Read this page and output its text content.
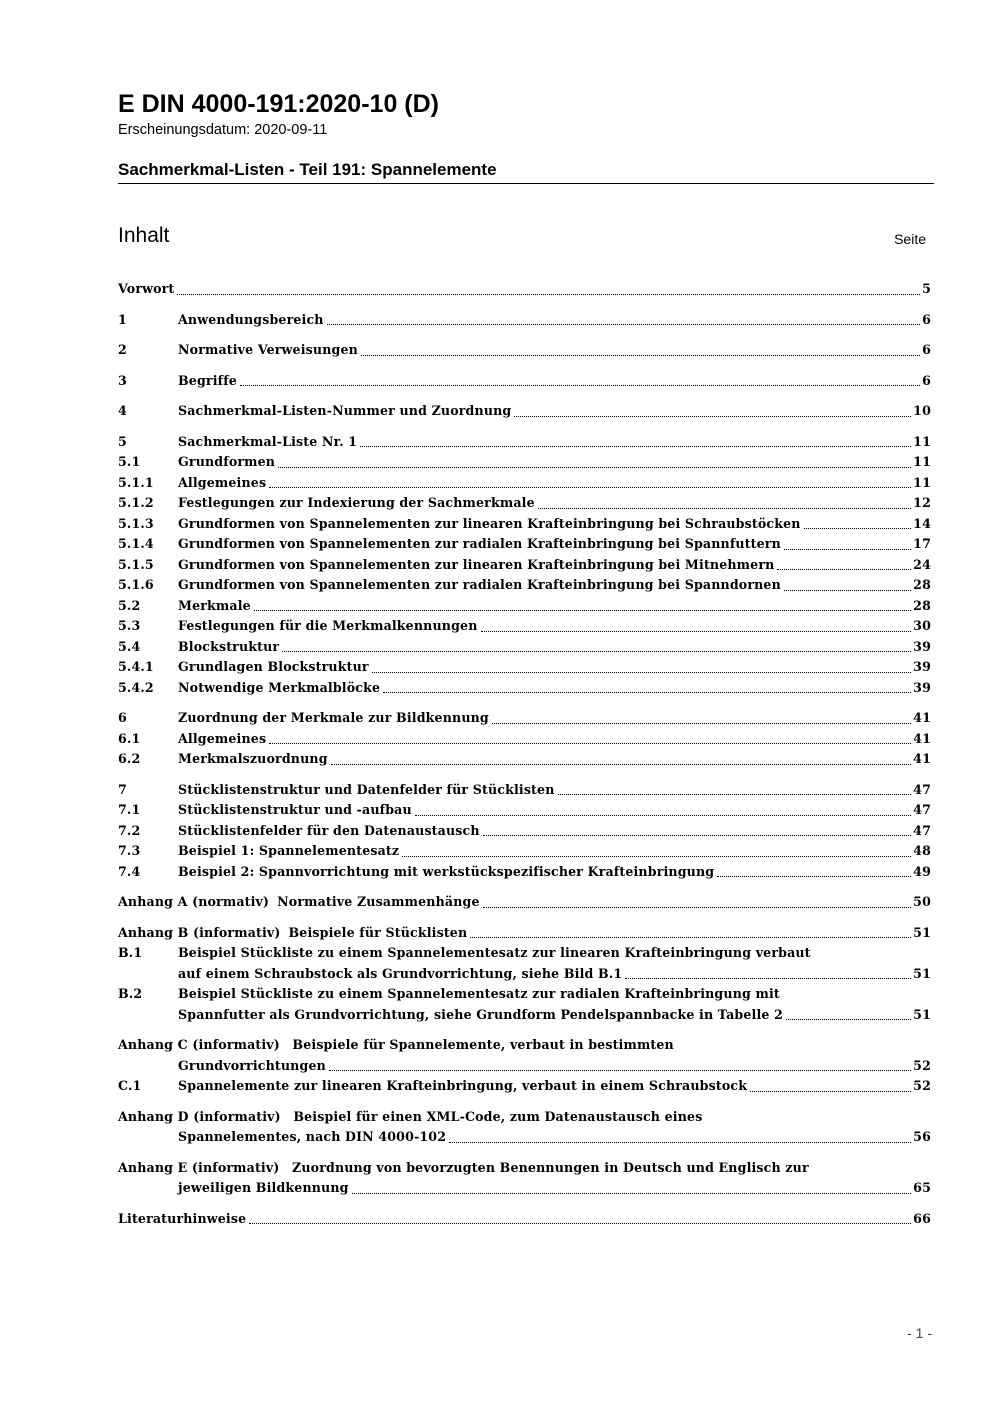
E DIN 4000-191:2020-10 (D)
Erscheinungsdatum: 2020-09-11
Sachmerkmal-Listen - Teil 191: Spannelemente
Inhalt	Seite
Vorwort	5
1	Anwendungsbereich	6
2	Normative Verweisungen	6
3	Begriffe	6
4	Sachmerkmal-Listen-Nummer und Zuordnung	10
5	Sachmerkmal-Liste Nr. 1	11
5.1	Grundformen	11
5.1.1	Allgemeines	11
5.1.2	Festlegungen zur Indexierung der Sachmerkmale	12
5.1.3	Grundformen von Spannelementen zur linearen Krafteinbringung bei Schraubstöcken	14
5.1.4	Grundformen von Spannelementen zur radialen Krafteinbringung bei Spannfuttern	17
5.1.5	Grundformen von Spannelementen zur linearen Krafteinbringung bei Mitnehmern	24
5.1.6	Grundformen von Spannelementen zur radialen Krafteinbringung bei Spanndornen	28
5.2	Merkmale	28
5.3	Festlegungen für die Merkmalkennungen	30
5.4	Blockstruktur	39
5.4.1	Grundlagen Blockstruktur	39
5.4.2	Notwendige Merkmalblöcke	39
6	Zuordnung der Merkmale zur Bildkennung	41
6.1	Allgemeines	41
6.2	Merkmalszuordnung	41
7	Stücklistenstruktur und Datenfelder für Stücklisten	47
7.1	Stücklistenstruktur und -aufbau	47
7.2	Stücklistenfelder für den Datenaustausch	47
7.3	Beispiel 1: Spannelementesatz	48
7.4	Beispiel 2: Spannvorrichtung mit werkstückspezifischer Krafteinbringung	49
Anhang A (normativ) Normative Zusammenhänge	50
Anhang B (informativ) Beispiele für Stücklisten	51
B.1	Beispiel Stückliste zu einem Spannelementesatz zur linearen Krafteinbringung verbaut
auf einem Schraubstock als Grundvorrichtung, siehe Bild B.1	51
B.2	Beispiel Stückliste zu einem Spannelementesatz zur radialen Krafteinbringung mit
Spannfutter als Grundvorrichtung, siehe Grundform Pendelspannbacke in Tabelle 2	51
Anhang C (informativ) Beispiele für Spannelemente, verbaut in bestimmten
Grundvorrichtungen	52
C.1	Spannelemente zur linearen Krafteinbringung, verbaut in einem Schraubstock	52
Anhang D (informativ) Beispiel für einen XML-Code, zum Datenaustausch eines
Spannelementes, nach DIN 4000-102	56
Anhang E (informativ) Zuordnung von bevorzugten Benennungen in Deutsch und Englisch zur
jeweiligen Bildkennung	65
Literaturhinweise	66
- 1 -
